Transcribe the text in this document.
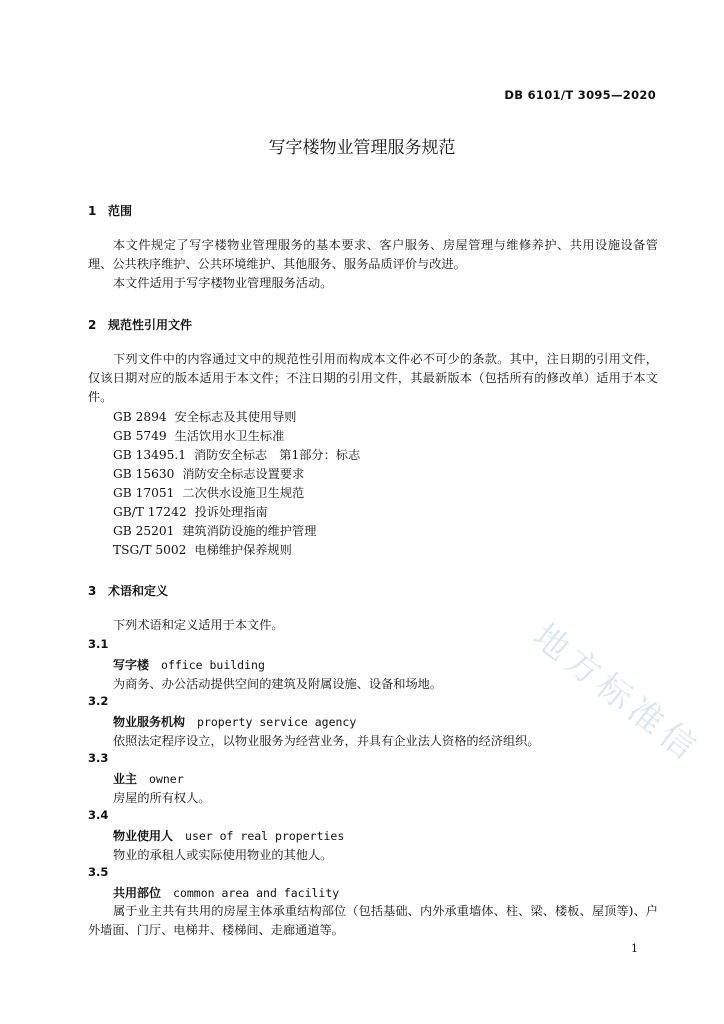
DB 6101/T 3095—2020
写字楼物业管理服务规范
1 范围
本文件规定了写字楼物业管理服务的基本要求、客户服务、房屋管理与维修养护、共用设施设备管理、公共秩序维护、公共环境维护、其他服务、服务品质评价与改进。
本文件适用于写字楼物业管理服务活动。
2 规范性引用文件
下列文件中的内容通过文中的规范性引用而构成本文件必不可少的条款。其中，注日期的引用文件，仅该日期对应的版本适用于本文件；不注日期的引用文件，其最新版本（包括所有的修改单）适用于本文件。
GB 2894 安全标志及其使用导则
GB 5749 生活饮用水卫生标准
GB 13495.1 消防安全标志　第1部分：标志
GB 15630 消防安全标志设置要求
GB 17051 二次供水设施卫生规范
GB/T 17242 投诉处理指南
GB 25201 建筑消防设施的维护管理
TSG/T 5002 电梯维护保养规则
3 术语和定义
下列术语和定义适用于本文件。
3.1
写字楼 office building
为商务、办公活动提供空间的建筑及附属设施、设备和场地。
3.2
物业服务机构 property service agency
依照法定程序设立，以物业服务为经营业务，并具有企业法人资格的经济组织。
3.3
业主 owner
房屋的所有权人。
3.4
物业使用人 user of real properties
物业的承租人或实际使用物业的其他人。
3.5
共用部位 common area and facility
属于业主共有共用的房屋主体承重结构部位（包括基础、内外承重墙体、柱、梁、楼板、屋顶等)、户外墙面、门厅、电梯井、楼梯间、走廊通道等。
地方标准信
1
